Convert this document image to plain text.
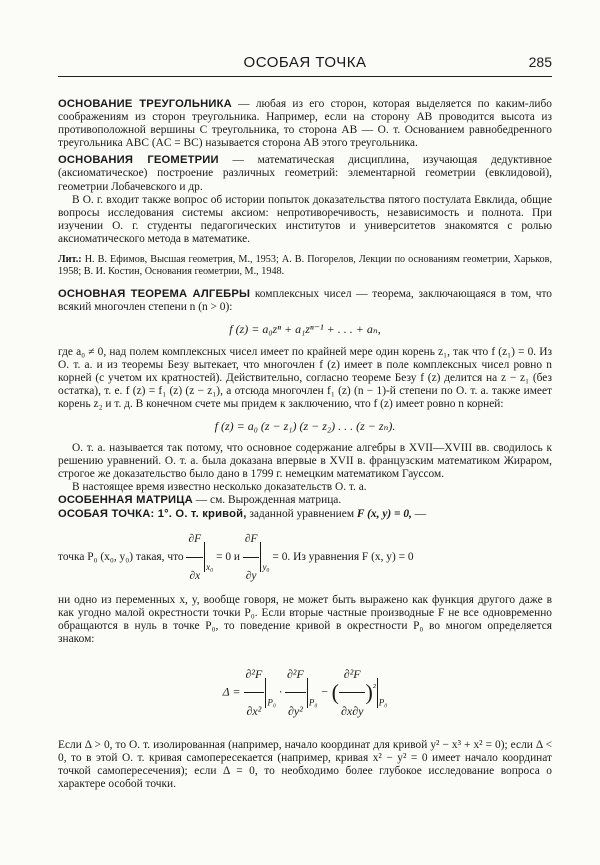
ОСОБАЯ ТОЧКА	285

ОСНОВАНИЕ ТРЕУГОЛЬНИКА — любая из его сторон, которая выделяется по каким-либо соображениям из сторон треугольника. Например, если на сторону AB проводится высота из противоположной вершины C треугольника, то сторона AB — О. т. Основанием равнобедренного треугольника ABC (AC = BC) называется сторона AB этого треугольника.

ОСНОВАНИЯ ГЕОМЕТРИИ — математическая дисциплина, изучающая дедуктивное (аксиоматическое) построение различных геометрий: элементарной геометрии (евклидовой), геометрии Лобачевского и др.

В О. г. входит также вопрос об истории попыток доказательства пятого постулата Евклида, общие вопросы исследования системы аксиом: непротиворечивость, независимость и полнота. При изучении О. г. студенты педагогических институтов и университетов знакомятся с ролью аксиоматического метода в математике.

Лит.: Н. В. Ефимов, Высшая геометрия, М., 1953; А. В. Погорелов, Лекции по основаниям геометрии, Харьков, 1958; В. И. Костин, Основания геометрии, М., 1948.

ОСНОВНАЯ ТЕОРЕМА АЛГЕБРЫ комплексных чисел — теорема, заключающаяся в том, что всякий многочлен степени n (n > 0):

f (z) = a₀zⁿ + a₁zⁿ⁻¹ + . . . + aₙ,

где a₀ ≠ 0, над полем комплексных чисел имеет по крайней мере один корень z₁, так что f (z₁) = 0. Из О. т. а. и из теоремы Безу вытекает, что многочлен f (z) имеет в поле комплексных чисел ровно n корней (с учетом их кратностей). Действительно, согласно теореме Безу f (z) делится на z − z₁ (без остатка), т. е. f (z) = f₁ (z) (z − z₁), а отсюда многочлен f₁ (z) (n − 1)-й степени по О. т. а. также имеет корень z₂ и т. д. В конечном счете мы придем к заключению, что f (z) имеет ровно n корней:

f (z) = a₀ (z − z₁) (z − z₂) . . . (z − zₙ).

О. т. а. называется так потому, что основное содержание алгебры в XVII—XVIII вв. сводилось к решению уравнений. О. т. а. была доказана впервые в XVII в. французским математиком Жираром, строгое же доказательство было дано в 1799 г. немецким математиком Гауссом.

В настоящее время известно несколько доказательств О. т. а.

ОСОБЕННАЯ МАТРИЦА — см. Вырожденная матрица.

ОСОБАЯ ТОЧКА: 1°. О. т. кривой, заданной уравнением F (x, y) = 0, —

точка P₀ (x₀, y₀) такая, что $\frac{\partial F}{\partial x} _{x_0} = 0$ и $\frac{\partial F}{\partial y} _{y_0} = 0$. Из уравнения F (x, y) = 0

ни одно из переменных x, y, вообще говоря, не может быть выражено как функция другого даже в как угодно малой окрестности точки P₀. Если вторые частные производные F не все одновременно обращаются в нуль в точке P₀, то поведение кривой в окрестности P₀ во многом определяется знаком:

$\Delta = \frac{\text{∂²F}}{\text{∂x²}} _{P_0} \cdot \frac{\text{∂²F}}{\text{∂y²}} _{P_0}$ − ( $\frac{\text{∂²F}}{\partial x\partial y} )^{^2}_{P_0}$

Если Δ > 0, то О. т. изолированная (например, начало координат для кривой y² − x³ + x² = 0); если Δ < 0, то в этой О. т. кривая самопересекается (например, кривая x² − y² = 0 имеет начало координат точкой самопересечения); если Δ = 0, то необходимо более глубокое исследование вопроса о характере особой точки.
